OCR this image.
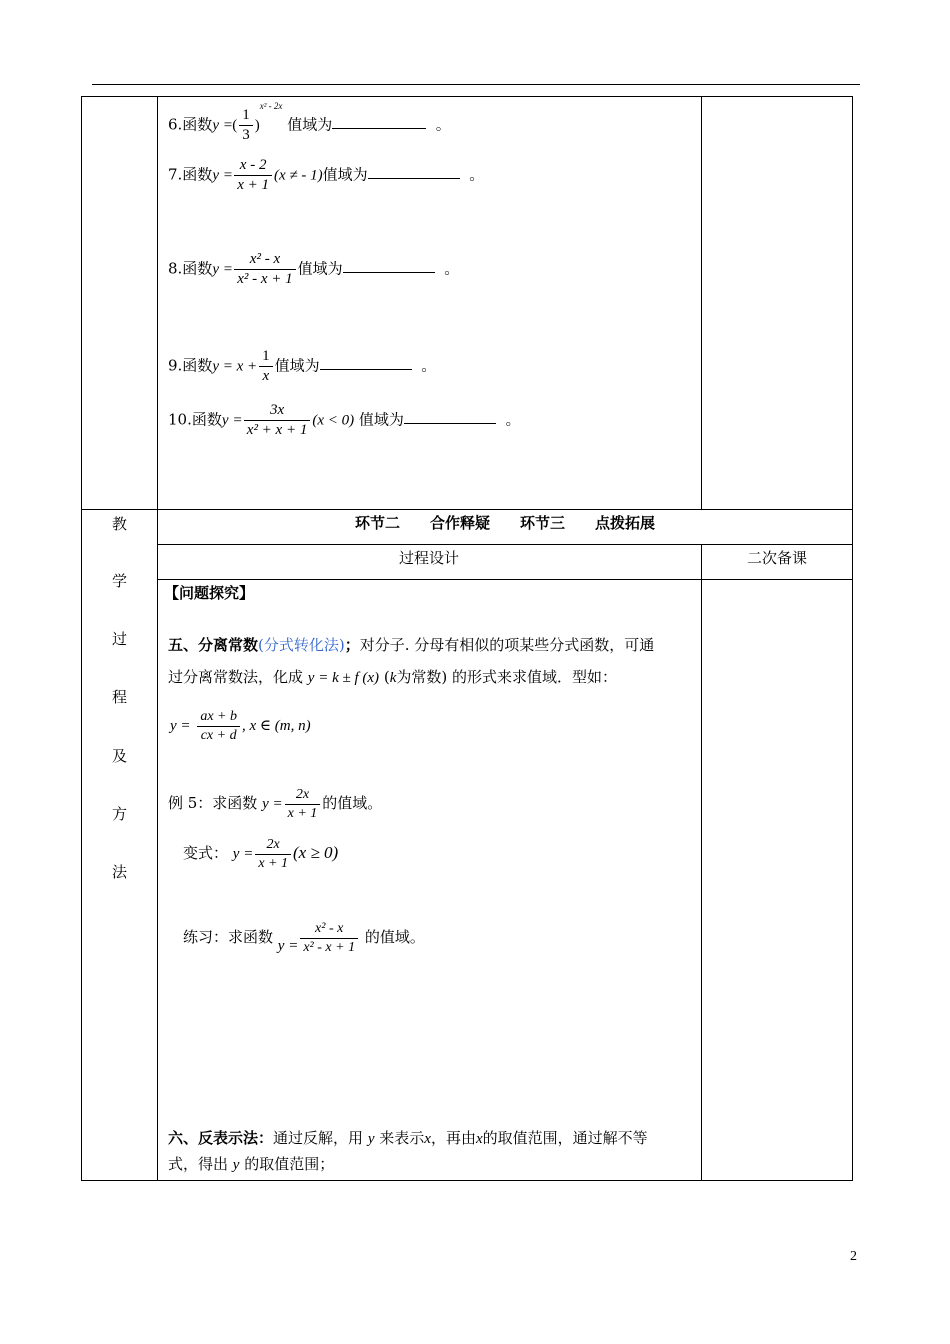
6.函数y =( $\frac{1}{3} )^{x^2 - 2x}$ 值域为	。
7.函数$y = \frac{x - 2}{x + 1} (x$ ≠ - 1)值域为	。
8.函数$y = \frac{\text{x² - x}}{\text{x² - x + 1}}$ 值域为	。
9.函数$y = x + \frac{1}{x}$ 值域为	。
10.函数$y = \frac{3x}{\text{x² + x + 1}} (x < 0)$ 值域为	。
教
学
过
程
及
方
法
环节二　　合作释疑　　环节三　　点拨拓展
过程设计	二次备课
【问题探究】
五、分离常数(分式转化法)；对分子. 分母有相似的项某些分式函数，可通
过分离常数法，化成 y = k ± f (x) (k为常数) 的形式来求值域．型如：
$y = \frac{ax + b}{cx + d}$ , x ∈ (m, n)
例 5：求函数 $y = \frac{2x}{x + 1}$ 的值域。
变式： $y = \frac{2x}{x + 1} (x \ge 0)$
练习：求函数 $y = \frac{\text{x² - x}}{\text{x² - x + 1}}$ 的值域。
六、反表示法：通过反解，用 y 来表示x，再由x的取值范围，通过解不等
式，得出 y 的取值范围；
2
